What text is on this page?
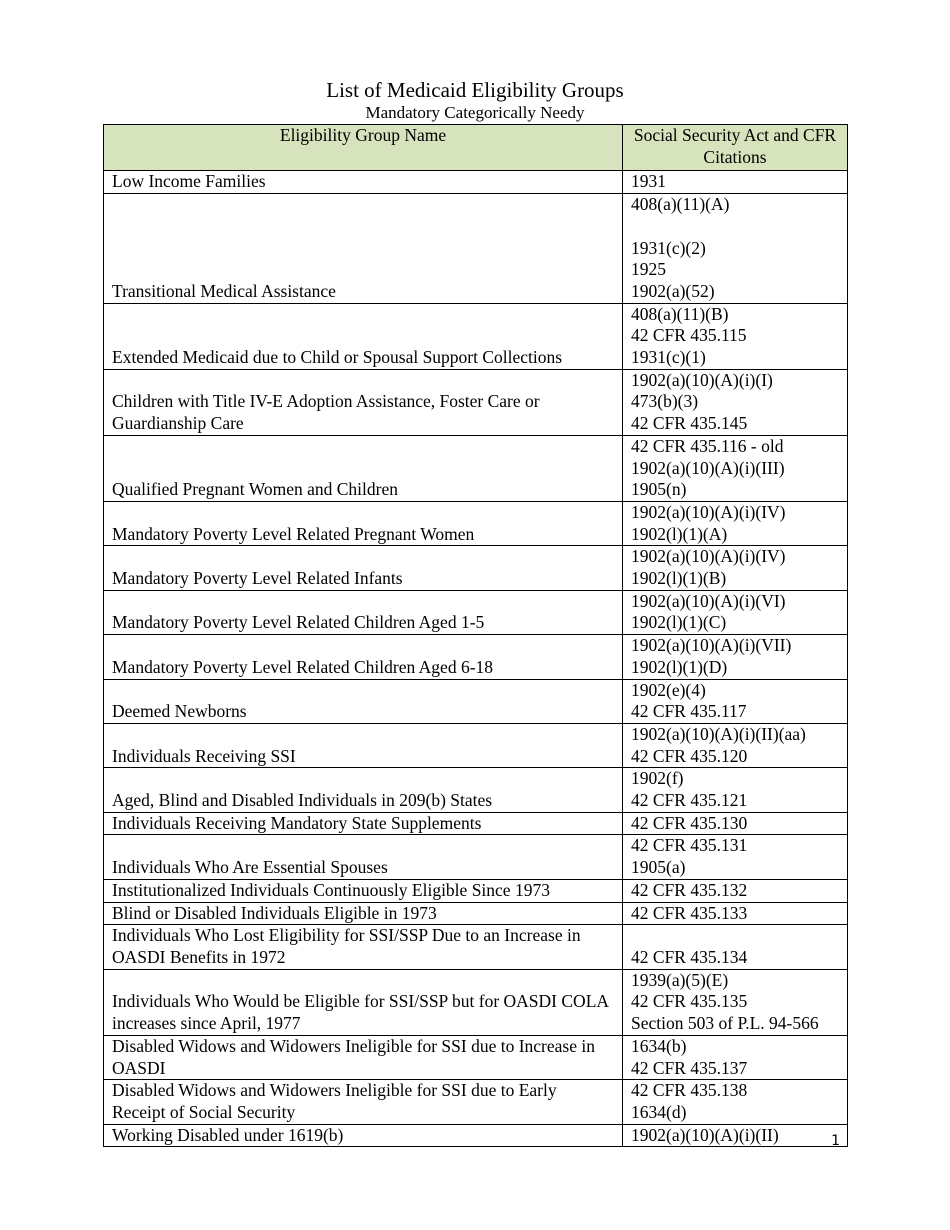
List of Medicaid Eligibility Groups
Mandatory Categorically Needy
Eligibility Group Name	Social Security Act and CFR Citations
Low Income Families	1931

Transitional Medical Assistance	408(a)(11)(A)
1931(c)(2)
1925
1902(a)(52)

Extended Medicaid due to Child or Spousal Support Collections	408(a)(11)(B)
42 CFR 435.115
1931(c)(1)

Children with Title IV-E Adoption Assistance, Foster Care or Guardianship Care	1902(a)(10)(A)(i)(I)
473(b)(3)
42 CFR 435.145

Qualified Pregnant Women and Children	42 CFR 435.116 - old
1902(a)(10)(A)(i)(III)
1905(n)

Mandatory Poverty Level Related Pregnant Women	1902(a)(10)(A)(i)(IV)
1902(l)(1)(A)

Mandatory Poverty Level Related Infants	1902(a)(10)(A)(i)(IV)
1902(l)(1)(B)

Mandatory Poverty Level Related Children Aged 1-5	1902(a)(10)(A)(i)(VI)
1902(l)(1)(C)

Mandatory Poverty Level Related Children Aged 6-18	1902(a)(10)(A)(i)(VII)
1902(l)(1)(D)

Deemed Newborns	1902(e)(4)
42 CFR 435.117

Individuals Receiving SSI	1902(a)(10)(A)(i)(II)(aa)
42 CFR 435.120

Aged, Blind and Disabled Individuals in 209(b) States	1902(f)
42 CFR 435.121

Individuals Receiving Mandatory State Supplements	42 CFR 435.130

Individuals Who Are Essential Spouses	42 CFR 435.131
1905(a)

Institutionalized Individuals Continuously Eligible Since 1973	42 CFR 435.132

Blind or Disabled Individuals Eligible in 1973	42 CFR 435.133

Individuals Who Lost Eligibility for SSI/SSP Due to an Increase in OASDI Benefits in 1972	42 CFR 435.134

Individuals Who Would be Eligible for SSI/SSP but for OASDI COLA increases since April, 1977	1939(a)(5)(E)
42 CFR 435.135
Section 503 of P.L. 94-566

Disabled Widows and Widowers Ineligible for SSI due to Increase in OASDI	1634(b)
42 CFR 435.137

Disabled Widows and Widowers Ineligible for SSI due to Early Receipt of Social Security	42 CFR 435.138
1634(d)

Working Disabled under 1619(b)	1902(a)(10)(A)(i)(II)	1
